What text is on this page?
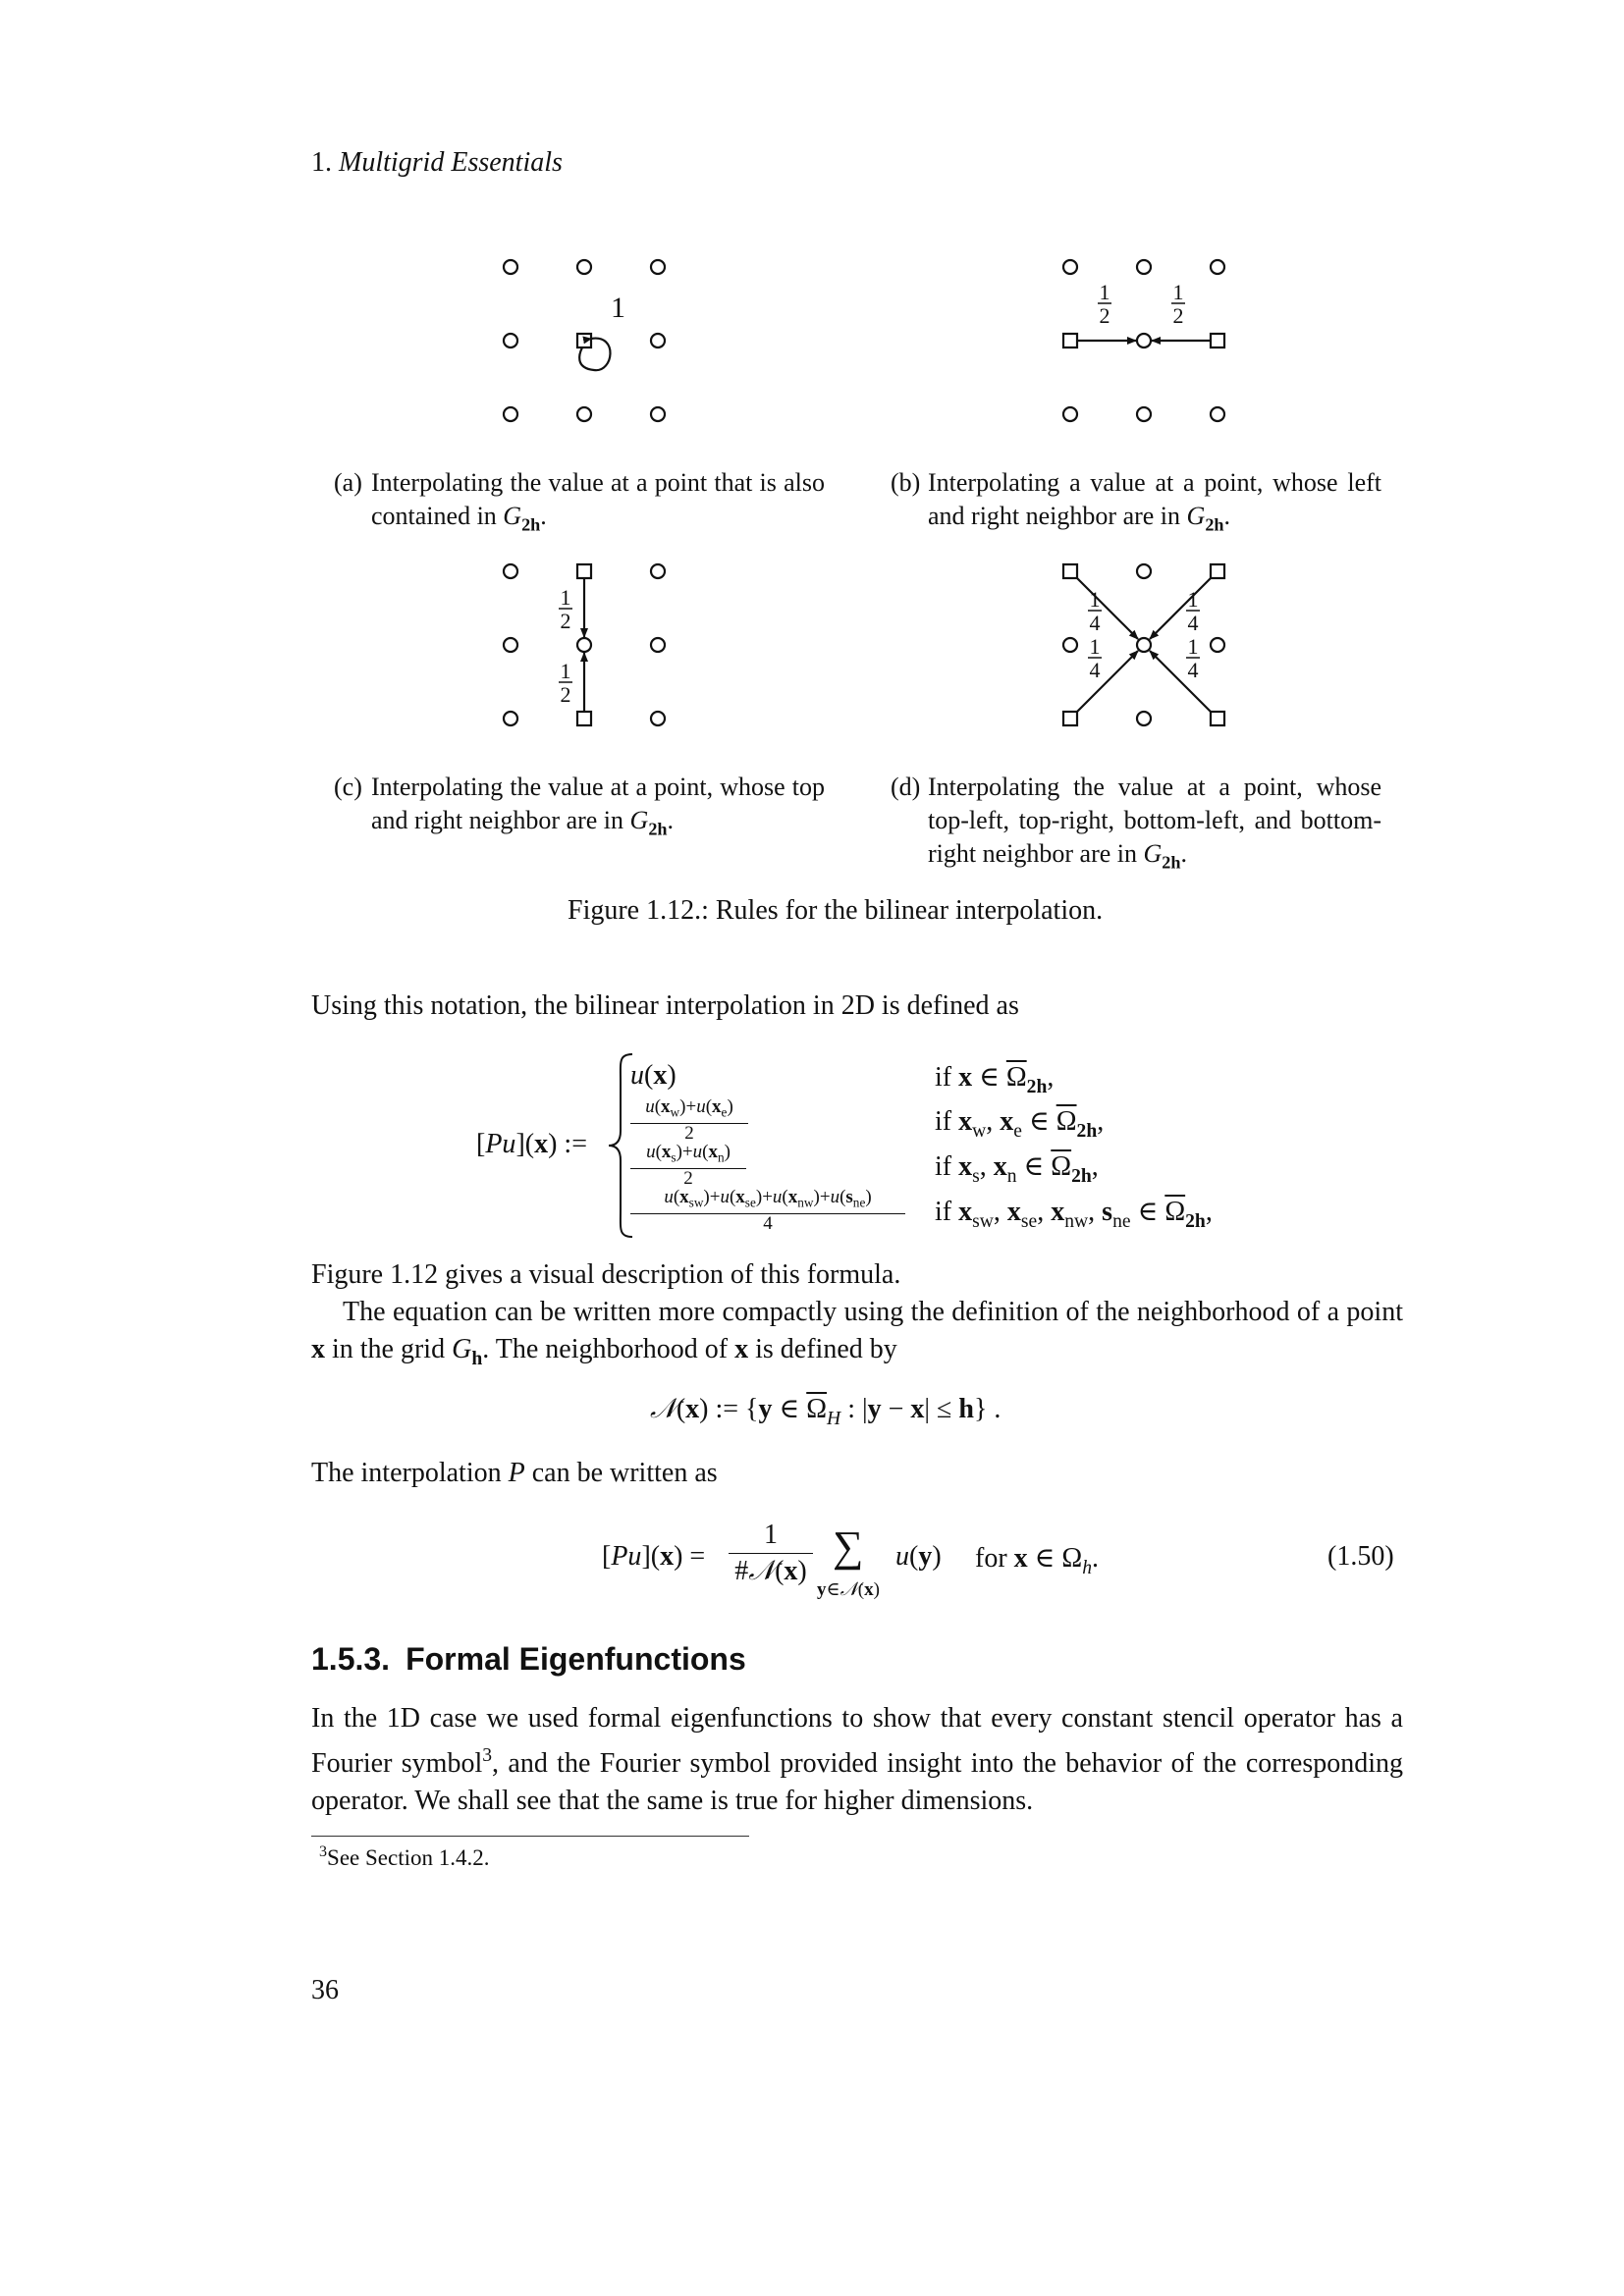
1. Multigrid Essentials
1	1
2
1
2
(a) Interpolating the value at a point that is also contained in $G_{2h}$.
(b) Interpolating a value at a point, whose left and right neighbor are in $G_{2h}$.
1
2
1
2
1
4
1
4
1
4
1
4
(c) Interpolating the value at a point, whose top and right neighbor are in $G_{2h}$.
(d) Interpolating the value at a point, whose top-left, top-right, bottom-left, and bottom-right neighbor are in $G_{2h}$.
Figure 1.12.: Rules for the bilinear interpolation.
Using this notation, the bilinear interpolation in 2D is defined as
[Pu](x) :=
u(x)
$u(x_w)+u(x_e)$
2
$u(x_s)+u(x_n)$
2
$u(x_{sw})+u(x_{se})+u(x_{nw})+u(s_{ne})$
4
if x ∈ $\overline{\Omega}_{2h}$,
if $x_w$, $x_e$ ∈ $\overline{\Omega}_{2h}$,
if $x_s$, $x_n$ ∈ $\overline{\Omega}_{2h}$,
if $x_{sw}$, $x_{se}$, $x_{nw}$, $s_{ne}$ ∈ $\overline{\Omega}_{2h}$,
Figure 1.12 gives a visual description of this formula.
The equation can be written more compactly using the definition of the neighborhood of a point x in the grid $G_h$. The neighborhood of x is defined by
𝒩(x) := {y ∈ $\overline{\Omega}_H$ : |y − x| ≤ h} .
The interpolation P can be written as
[Pu](x) =
1
#𝒩(x)
∑
y∈𝒩(x)
u(y) for x ∈ $\Omega_h$.	(1.50)
1.5.3. Formal Eigenfunctions
In the 1D case we used formal eigenfunctions to show that every constant stencil operator has a Fourier symbol$^3$, and the Fourier symbol provided insight into the behavior of the corresponding operator. We shall see that the same is true for higher dimensions.
$^3$See Section 1.4.2.
36
